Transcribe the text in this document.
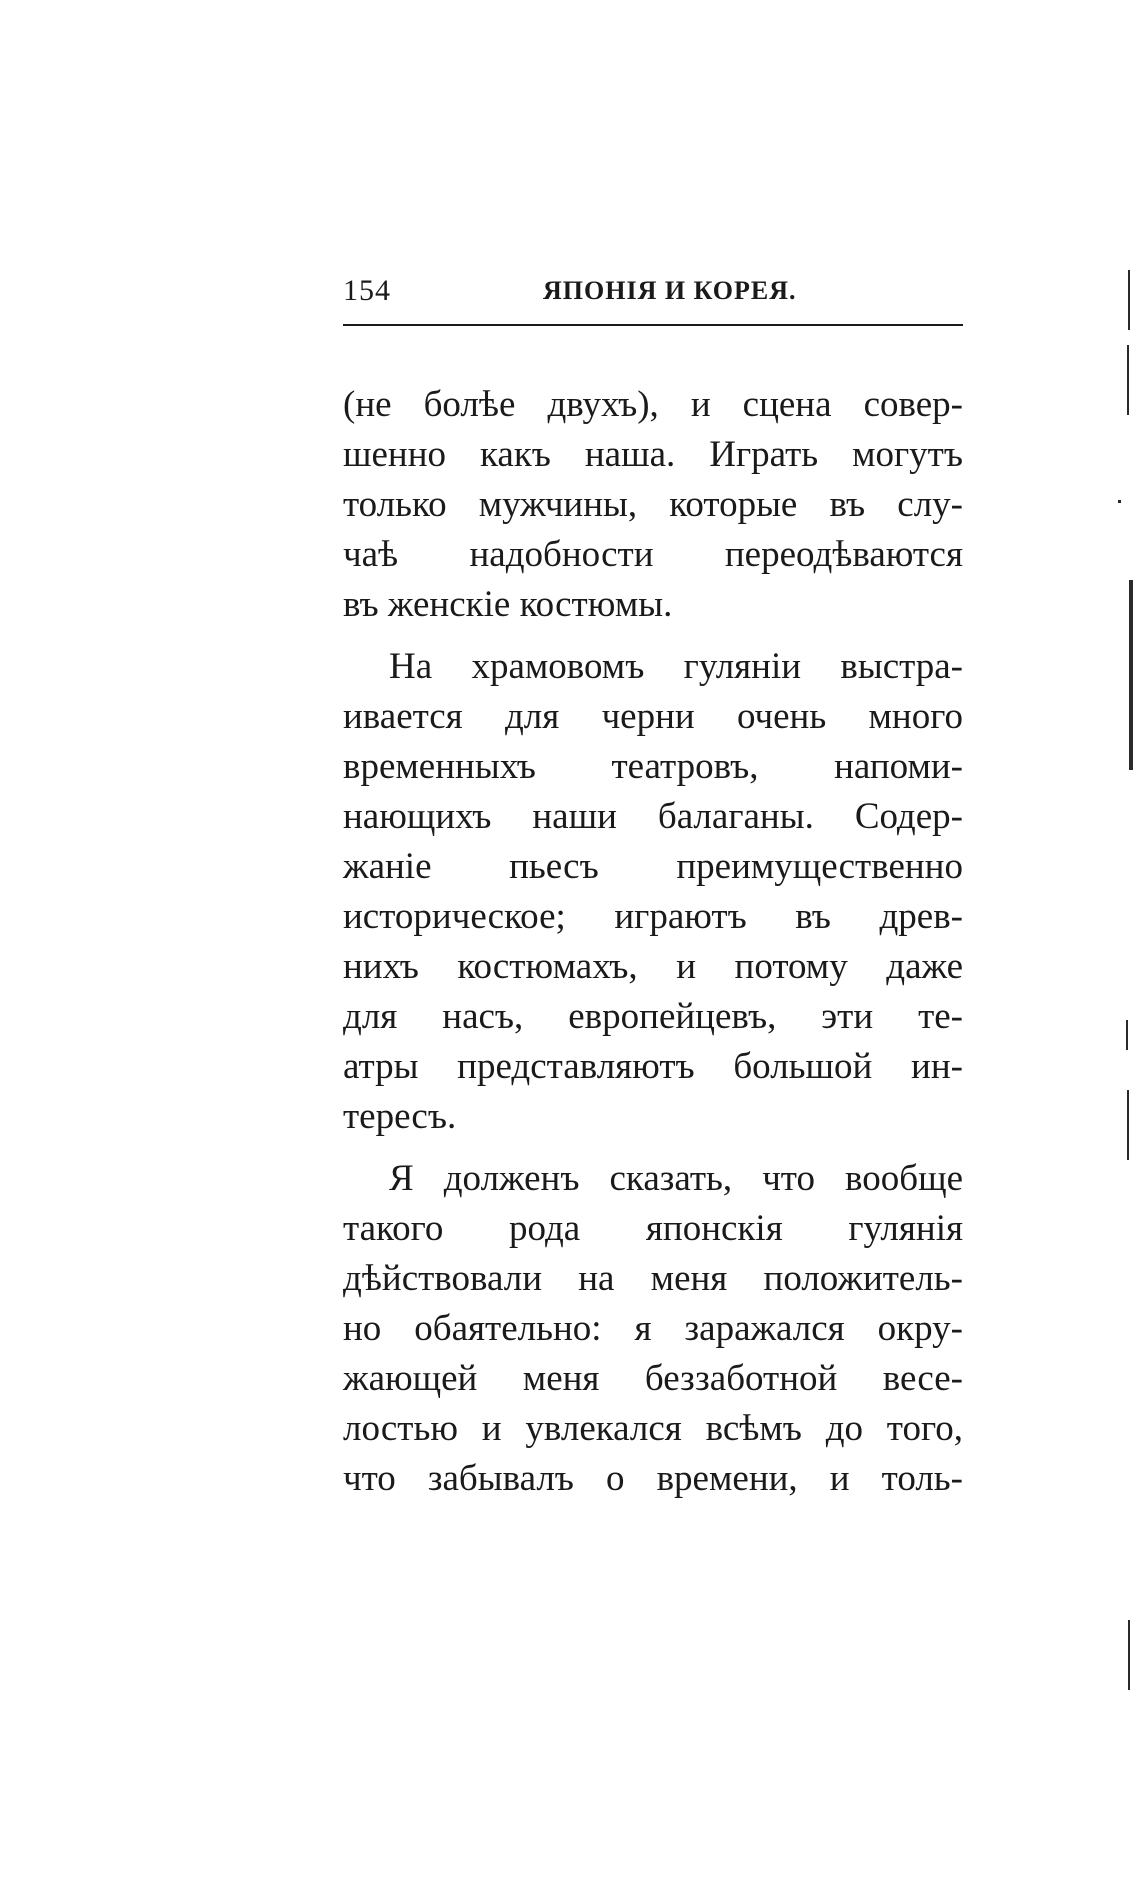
154	ЯПОНІЯ И КОРЕЯ.
(не болѣе двухъ), и сцена совер-
шенно какъ наша. Играть могутъ
только мужчины, которые въ слу-
чаѣ надобности переодѣваются
въ женскіе костюмы.
На храмовомъ гуляніи выстра-
ивается для черни очень много
временныхъ театровъ, напоми-
нающихъ наши балаганы. Содер-
жаніе пьесъ преимущественно
историческое; играютъ въ древ-
нихъ костюмахъ, и потому даже
для насъ, европейцевъ, эти те-
атры представляютъ большой ин-
тересъ.
Я долженъ сказать, что вообще
такого рода японскія гулянія
дѣйствовали на меня положитель-
но обаятельно: я заражался окру-
жающей меня беззаботной весе-
лостью и увлекался всѣмъ до того,
что забывалъ о времени, и толь-
